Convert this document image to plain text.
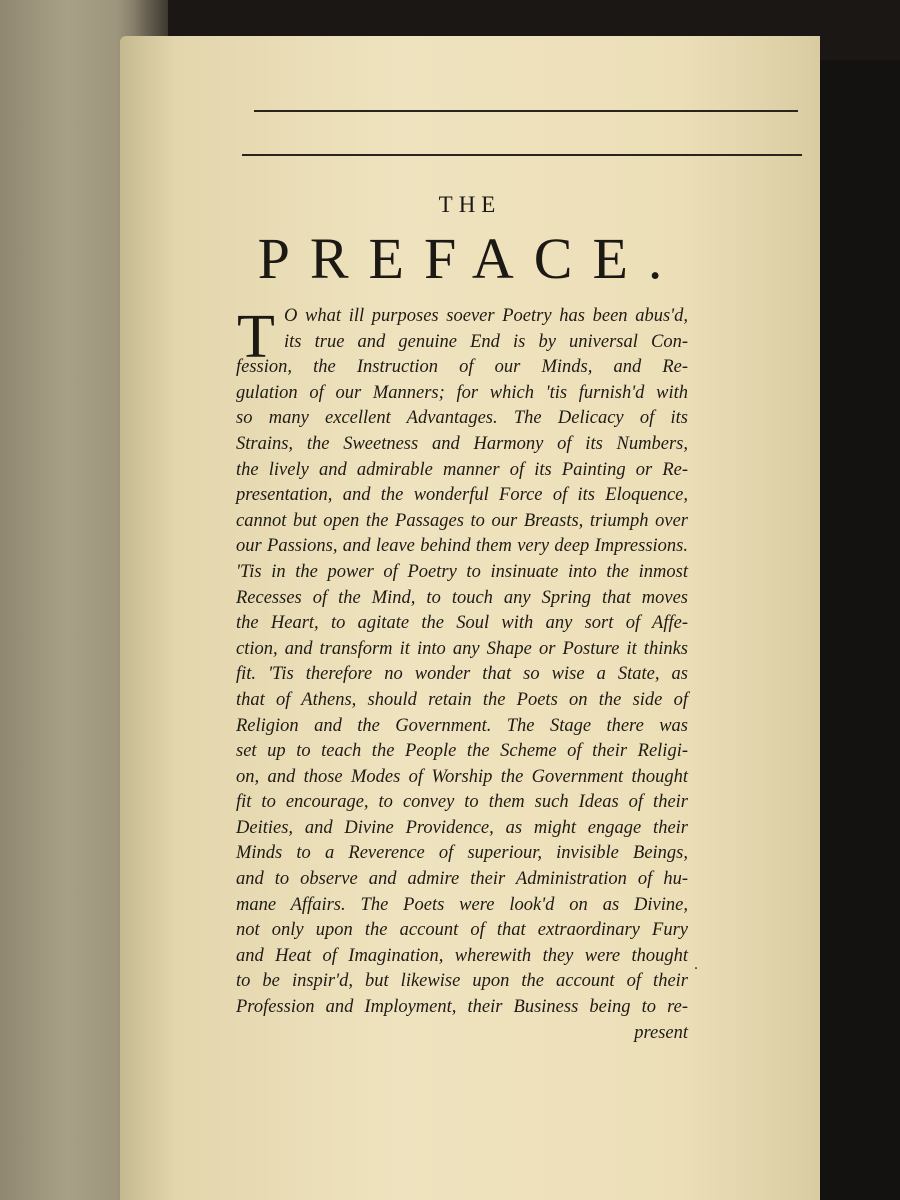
THE
PREFACE.
T O what ill purposes soever Poetry has been abus'd,
its true and genuine End is by universal Con-
fession, the Instruction of our Minds, and Re-
gulation of our Manners; for which 'tis furnish'd with
so many excellent Advantages. The Delicacy of its
Strains, the Sweetness and Harmony of its Numbers,
the lively and admirable manner of its Painting or Re-
presentation, and the wonderful Force of its Eloquence,
cannot but open the Passages to our Breasts, triumph over
our Passions, and leave behind them very deep Impressions.
'Tis in the power of Poetry to insinuate into the inmost
Recesses of the Mind, to touch any Spring that moves
the Heart, to agitate the Soul with any sort of Affe-
ction, and transform it into any Shape or Posture it thinks
fit. 'Tis therefore no wonder that so wise a State, as
that of Athens, should retain the Poets on the side of
Religion and the Government. The Stage there was
set up to teach the People the Scheme of their Religi-
on, and those Modes of Worship the Government thought
fit to encourage, to convey to them such Ideas of their
Deities, and Divine Providence, as might engage their
Minds to a Reverence of superiour, invisible Beings,
and to observe and admire their Administration of hu-
mane Affairs. The Poets were look'd on as Divine,
not only upon the account of that extraordinary Fury
and Heat of Imagination, wherewith they were thought
to be inspir'd, but likewise upon the account of their
Profession and Imployment, their Business being to re-
present
.
